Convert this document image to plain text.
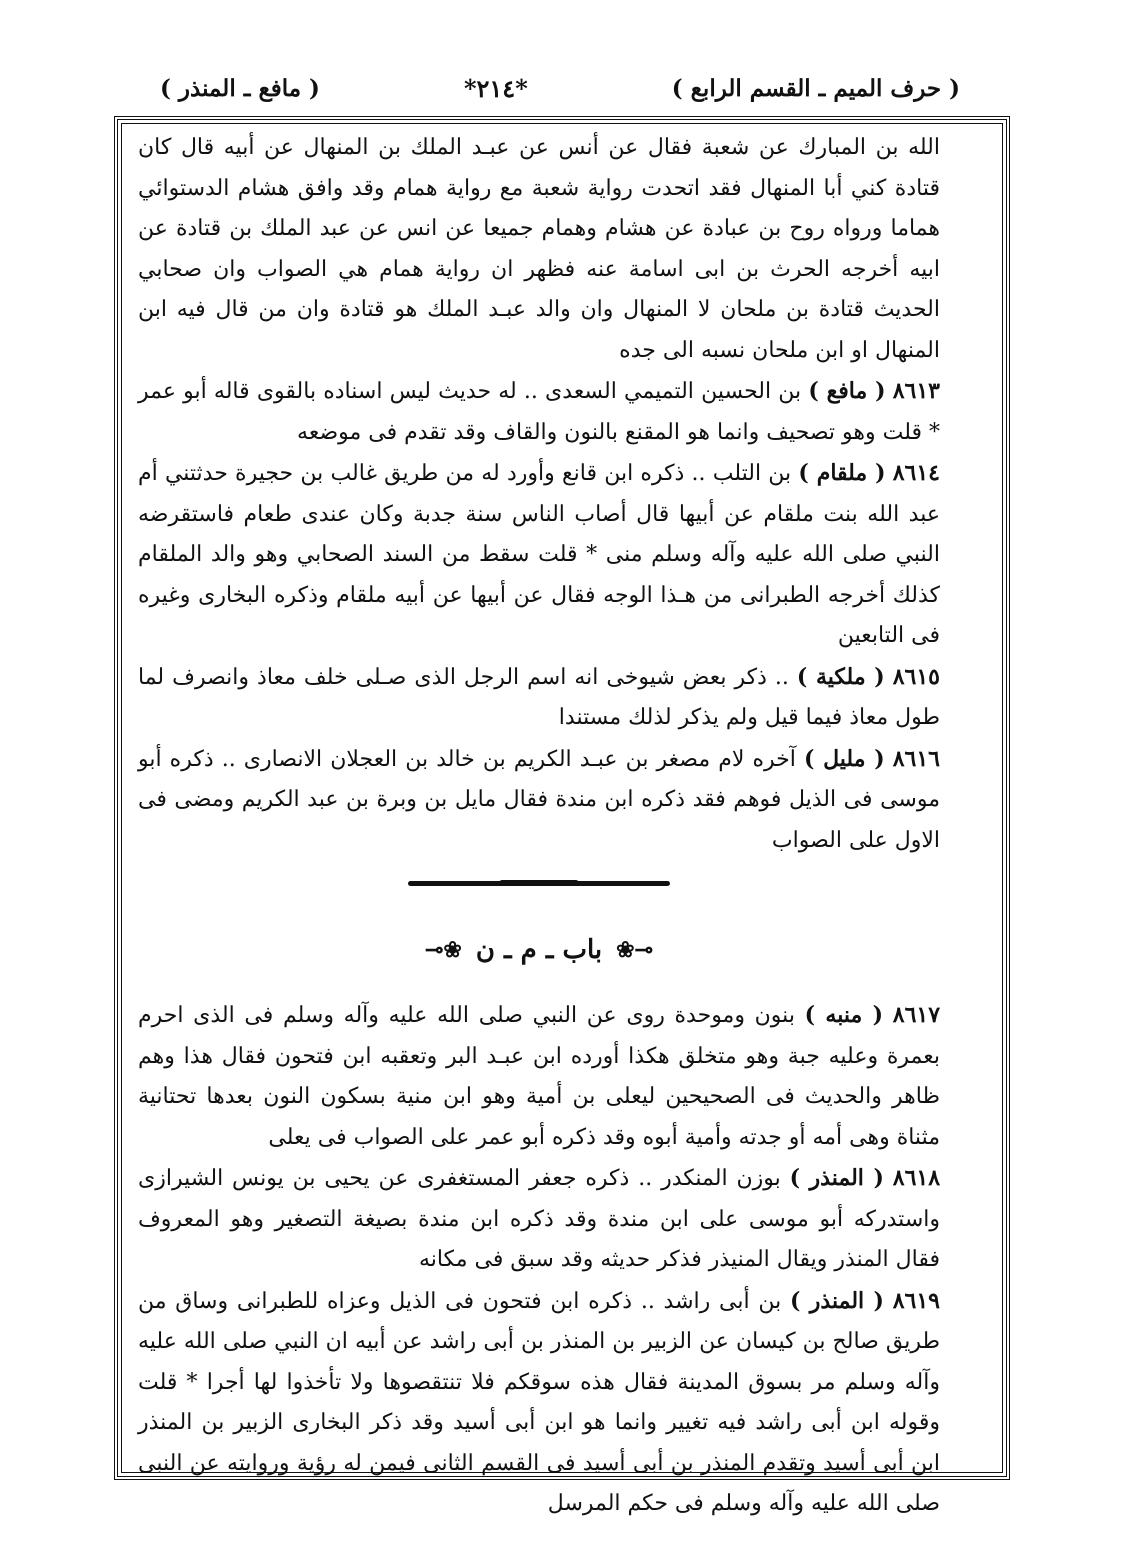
( حرف الميم ـ القسم الرابع )
*٢١٤*
( مافع ـ المنذر )

الله بن المبارك عن شعبة فقال عن أنس عن عبـد الملك بن المنهال عن أبيه قال كان قتادة كني أبا المنهال فقد اتحدت رواية شعبة مع رواية همام وقد وافق هشام الدستوائي هماما ورواه روح بن عبادة عن هشام وهمام جميعا عن انس عن عبد الملك بن قتادة عن ابيه أخرجه الحرث بن ابى اسامة عنه فظهر ان رواية همام هي الصواب وان صحابي الحديث قتادة بن ملحان لا المنهال وان والد عبـد الملك هو قتادة وان من قال فيه ابن المنهال او ابن ملحان نسبه الى جده

٨٦١٣ ( مافع ) بن الحسين التميمي السعدى .. له حديث ليس اسناده بالقوى قاله أبو عمر * قلت وهو تصحيف وانما هو المقنع بالنون والقاف وقد تقدم فى موضعه

٨٦١٤ ( ملقام ) بن التلب .. ذكره ابن قانع وأورد له من طريق غالب بن حجيرة حدثتني أم عبد الله بنت ملقام عن أبيها قال أصاب الناس سنة جدبة وكان عندى طعام فاستقرضه النبي صلى الله عليه وآله وسلم منى * قلت سقط من السند الصحابي وهو والد الملقام كذلك أخرجه الطبرانى من هـذا الوجه فقال عن أبيها عن أبيه ملقام وذكره البخارى وغيره فى التابعين

٨٦١٥ ( ملكية ) .. ذكر بعض شيوخى انه اسم الرجل الذى صـلى خلف معاذ وانصرف لما طول معاذ فيما قيل ولم يذكر لذلك مستندا

٨٦١٦ ( مليل ) آخره لام مصغر بن عبـد الكريم بن خالد بن العجلان الانصارى .. ذكره أبو موسى فى الذيل فوهم فقد ذكره ابن مندة فقال مايل بن وبرة بن عبد الكريم ومضى فى الاول على الصواب

⊸❀
باب ـ م ـ ن
❀⟜

٨٦١٧ ( منبه ) بنون وموحدة روى عن النبي صلى الله عليه وآله وسلم فى الذى احرم بعمرة وعليه جبة وهو متخلق هكذا أورده ابن عبـد البر وتعقبه ابن فتحون فقال هذا وهم ظاهر والحديث فى الصحيحين ليعلى بن أمية وهو ابن منية بسكون النون بعدها تحتانية مثناة وهى أمه أو جدته وأمية أبوه وقد ذكره أبو عمر على الصواب فى يعلى

٨٦١٨ ( المنذر ) بوزن المنكدر .. ذكره جعفر المستغفرى عن يحيى بن يونس الشيرازى واستدركه أبو موسى على ابن مندة وقد ذكره ابن مندة بصيغة التصغير وهو المعروف فقال المنذر ويقال المنيذر فذكر حديثه وقد سبق فى مكانه

٨٦١٩ ( المنذر ) بن أبى راشد .. ذكره ابن فتحون فى الذيل وعزاه للطبرانى وساق من طريق صالح بن كيسان عن الزبير بن المنذر بن أبى راشد عن أبيه ان النبي صلى الله عليه وآله وسلم مر بسوق المدينة فقال هذه سوقكم فلا تنتقصوها ولا تأخذوا لها أجرا * قلت وقوله ابن أبى راشد فيه تغيير وانما هو ابن أبى أسيد وقد ذكر البخارى الزبير بن المنذر ابن أبى أسيد وتقدم المنذر بن أبى أسيد فى القسم الثانى فيمن له رؤية وروايته عن النبى صلى الله عليه وآله وسلم فى حكم المرسل
